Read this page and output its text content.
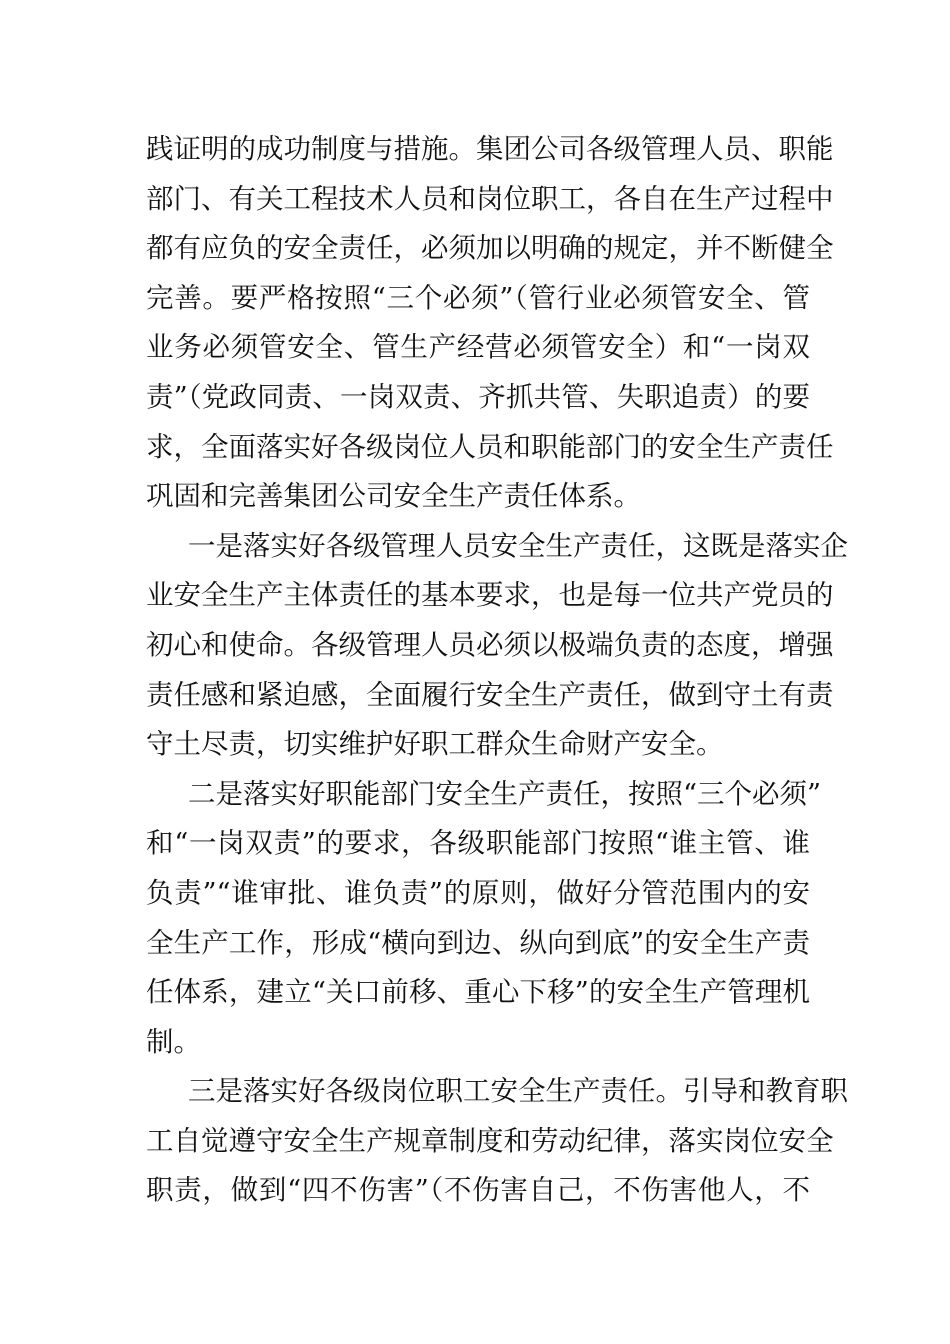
践证明的成功制度与措施。集团公司各级管理人员、职能
部门、有关工程技术人员和岗位职工，各自在生产过程中
都有应负的安全责任，必须加以明确的规定，并不断健全
完善。要严格按照“三个必须”（管行业必须管安全、管
业务必须管安全、管生产经营必须管安全）和“一岗双
责”（党政同责、一岗双责、齐抓共管、失职追责）的要
求，全面落实好各级岗位人员和职能部门的安全生产责任
巩固和完善集团公司安全生产责任体系。
一是落实好各级管理人员安全生产责任，这既是落实企
业安全生产主体责任的基本要求，也是每一位共产党员的
初心和使命。各级管理人员必须以极端负责的态度，增强
责任感和紧迫感，全面履行安全生产责任，做到守土有责
守土尽责，切实维护好职工群众生命财产安全。
二是落实好职能部门安全生产责任，按照“三个必须”
和“一岗双责”的要求，各级职能部门按照“谁主管、谁
负责”“谁审批、谁负责”的原则，做好分管范围内的安
全生产工作，形成“横向到边、纵向到底”的安全生产责
任体系，建立“关口前移、重心下移”的安全生产管理机
制。
三是落实好各级岗位职工安全生产责任。引导和教育职
工自觉遵守安全生产规章制度和劳动纪律，落实岗位安全
职责，做到“四不伤害”（不伤害自己，不伤害他人，不
